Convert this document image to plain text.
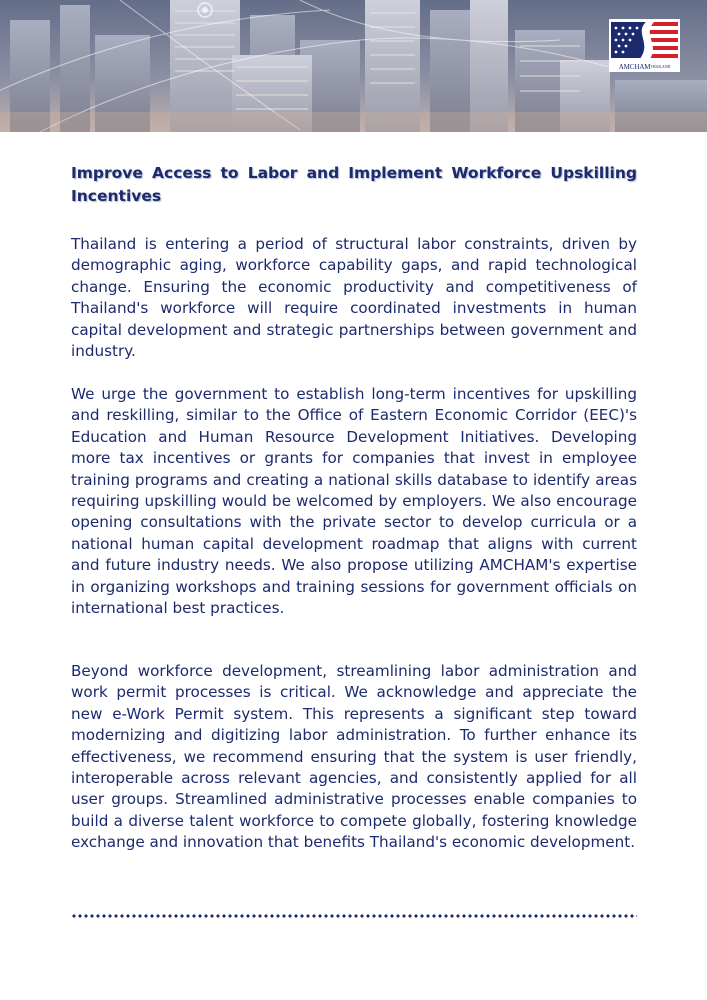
$AMCHAM^{THAILAND}$
Improve Access to Labor and Implement Workforce Upskilling Incentives

Thailand is entering a period of structural labor constraints, driven by demographic aging, workforce capability gaps, and rapid technological change. Ensuring the economic productivity and competitiveness of Thailand's workforce will require coordinated investments in human capital development and strategic partnerships between government and industry.

We urge the government to establish long-term incentives for upskilling and reskilling, similar to the Office of Eastern Economic Corridor (EEC)'s Education and Human Resource Development Initiatives. Developing more tax incentives or grants for companies that invest in employee training programs and creating a national skills database to identify areas requiring upskilling would be welcomed by employers. We also encourage opening consultations with the private sector to develop curricula or a national human capital development roadmap that aligns with current and future industry needs. We also propose utilizing AMCHAM's expertise in organizing workshops and training sessions for government officials on international best practices.

Beyond workforce development, streamlining labor administration and work permit processes is critical. We acknowledge and appreciate the new e-Work Permit system. This represents a significant step toward modernizing and digitizing labor administration. To further enhance its effectiveness, we recommend ensuring that the system is user friendly, interoperable across relevant agencies, and consistently applied for all user groups. Streamlined administrative processes enable companies to build a diverse talent workforce to compete globally, fostering knowledge exchange and innovation that benefits Thailand's economic development.
